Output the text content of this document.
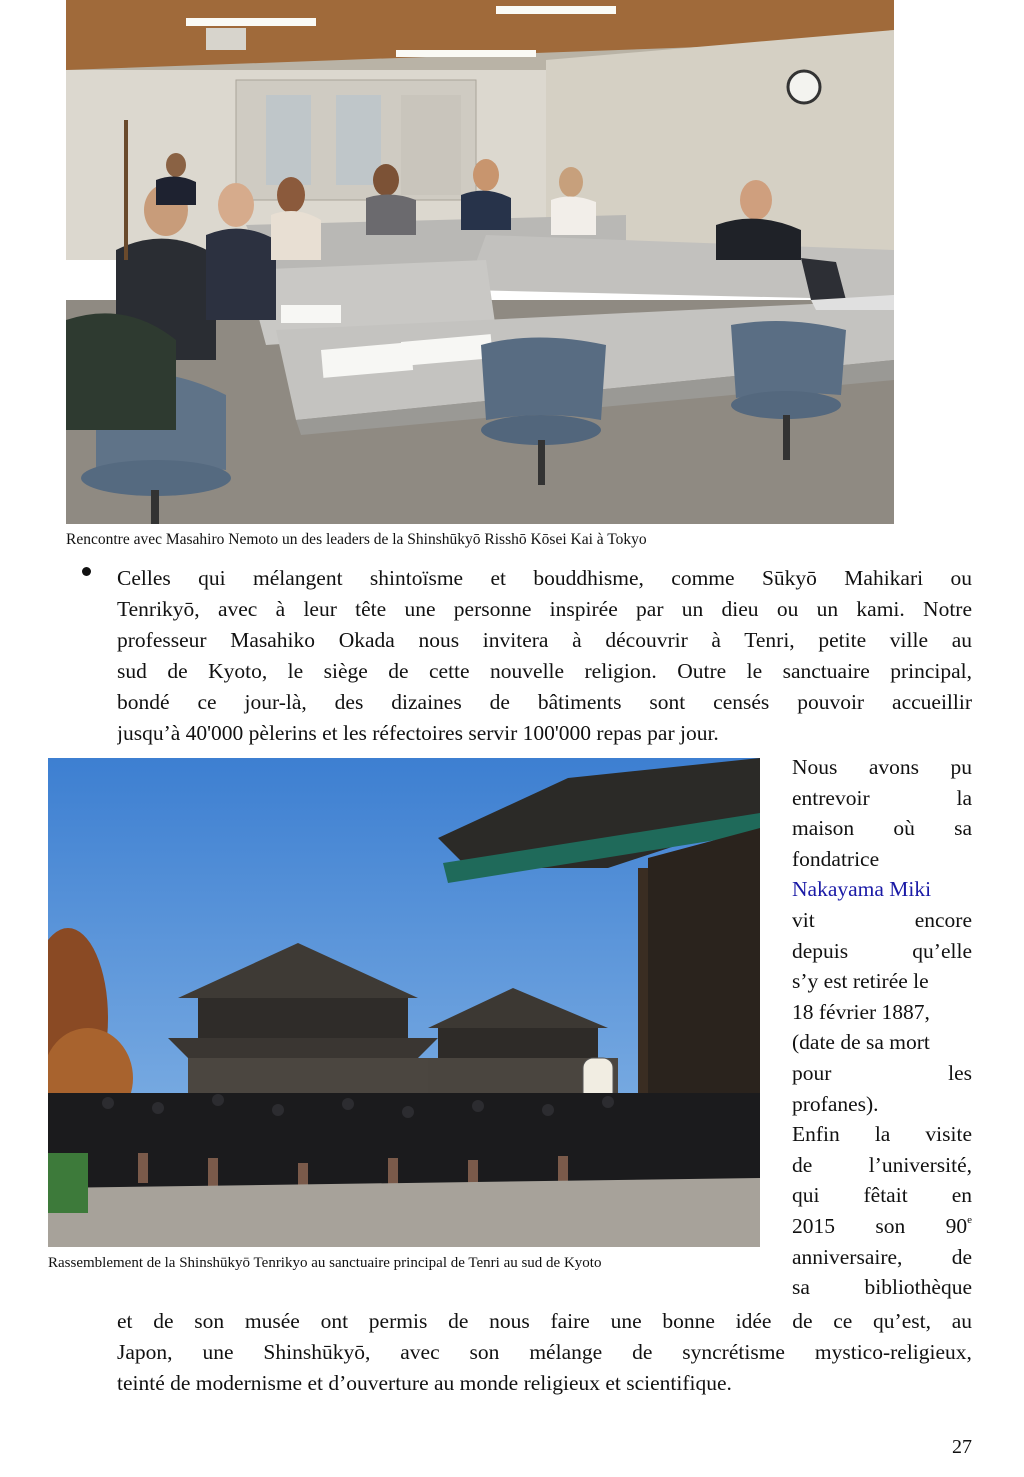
Rencontre avec Masahiro Nemoto un des leaders de la Shinshūkyō Risshō Kōsei Kai à Tokyo
Celles qui mélangent shintoïsme et bouddhisme, comme Sūkyō Mahikari ou
Tenrikyō, avec à leur tête une personne inspirée par un dieu ou un kami. Notre
professeur Masahiko Okada nous invitera à découvrir à Tenri, petite ville au
sud de Kyoto, le siège de cette nouvelle religion. Outre le sanctuaire principal,
bondé ce jour-là, des dizaines de bâtiments sont censés pouvoir accueillir
jusqu’à 40'000 pèlerins et les réfectoires servir 100'000 repas par jour.
Rassemblement de la Shinshūkyō Tenrikyo au sanctuaire principal de Tenri au sud de Kyoto
Nous avons pu
entrevoir	la
maison où sa
fondatrice
Nakayama Miki
vit	encore
depuis	qu’elle
s’y est retirée le
18 février 1887,
(date de sa mort
pour	les
profanes).
Enfin la visite
de	l’université,
qui fêtait en
2015 son 90e
anniversaire, de
sa	bibliothèque
et de son musée ont permis de nous faire une bonne idée de ce qu’est, au
Japon, une Shinshūkyō, avec son mélange de syncrétisme mystico-religieux,
teinté de modernisme et d’ouverture au monde religieux et scientifique.
27
